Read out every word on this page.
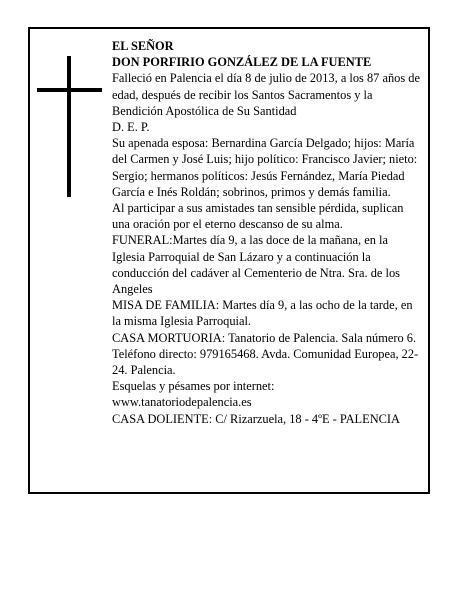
EL SEÑOR

DON PORFIRIO GONZÁLEZ DE LA FUENTE

Falleció en Palencia el día 8 de julio de 2013, a los 87 años de edad, después de recibir los Santos Sacramentos y la Bendición Apostólica de Su Santidad

D. E. P.

Su apenada esposa: Bernardina García Delgado; hijos: María del Carmen y José Luis; hijo político: Francisco Javier; nieto: Sergio; hermanos políticos: Jesús Fernández, María Piedad García e Inés Roldán; sobrinos, primos y demás familia.

Al participar a sus amistades tan sensible pérdida, suplican una oración por el eterno descanso de su alma.

FUNERAL:Martes día 9, a las doce de la mañana, en la Iglesia Parroquial de San Lázaro y a continuación la conducción del cadáver al Cementerio de Ntra. Sra. de los Angeles

MISA DE FAMILIA: Martes día 9, a las ocho de la tarde, en la misma Iglesia Parroquial.

CASA MORTUORIA: Tanatorio de Palencia. Sala número 6. Teléfono directo: 979165468. Avda. Comunidad Europea, 22-24. Palencia.

Esquelas y pésames por internet:

www.tanatoriodepalencia.es

CASA DOLIENTE: C/ Rizarzuela, 18 - 4ºE - PALENCIA
